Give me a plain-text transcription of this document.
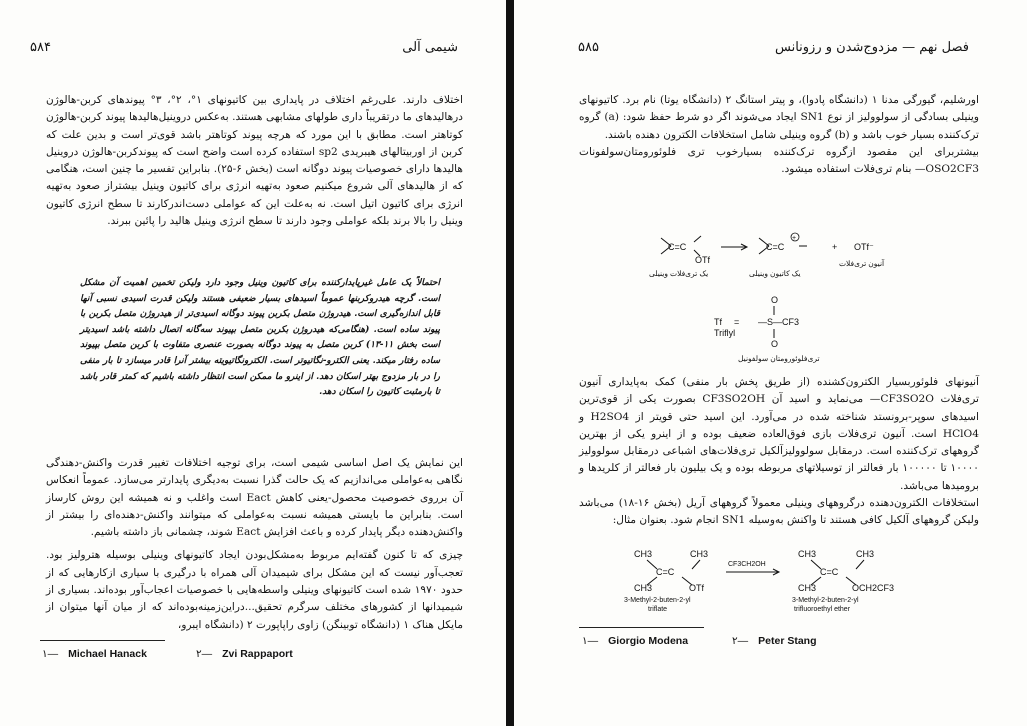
۵۸۴	شیمی آلی

اختلاف دارند. علی‌رغم اختلاف در پایداری بین کاتیونهای ۱°، ۲°، ۳° پیوندهای کربن-هالوژن درهالیدهای ما درتقریباً داری طولهای مشابهی هستند. به‌عکس دروینیل‌هالیدها پیوند کربن-هالوژن کوتاهتر است. مطابق با این مورد که هرچه پیوند کوتاهتر باشد قوی‌تر است و بدین علت که کربن از اوربیتالهای هیبریدی sp2 استفاده کرده است واضح است که پیوندکربن-هالوژن دروینیل هالیدها دارای خصوصیات پیوند دوگانه است (بخش ۶-۲۵). بنابراین تفسیر ما چنین است، هنگامی که از هالیدهای آلی شروع میکنیم صعود به‌تهیه انرژی برای کاتیون وینیل بیشتراز صعود به‌تهیه انرژی برای کاتیون اتیل است. نه به‌علت این که عواملی دست‌اندرکارند تا سطح انرژی کاتیون وینیل را بالا برند بلکه عواملی وجود دارند تا سطح انرژی وینیل هالید را پائین ببرند.

احتمالاً یک عامل غیرپایدارکننده برای کاتیون وینیل وجود دارد ولیکن تخمین اهمیت آن مشکل است. گرچه هیدروکربنها عموماً اسیدهای بسیار ضعیفی هستند ولیکن قدرت اسیدی نسبی آنها قابل اندازه‌گیری است. هیدروژن متصل بکربن پیوند دوگانه اسیدی‌تر از هیدروژن متصل بکربن با پیوند ساده است. (هنگامی‌که هیدروژن بکربن متصل بپیوند سه‌گانه اتصال داشته باشد اسیدیتر است بخش ۱۱-۱۳) کربن متصل به پیوند دوگانه بصورت عنصری متفاوت با کربن متصل بپیوند ساده رفتار میکند. یعنی الکترو-نگاتیوتر است. الکترونگاتیویته بیشتر آنرا قادر میسازد تا بار منفی را در بار مزدوج بهتر اسکان دهد. از اینرو ما ممکن است انتظار داشته باشیم که کمتر قادر باشد تا بارمثبت کاتیون را اسکان دهد.

این نمایش یک اصل اساسی شیمی است، برای توجیه اختلافات تغییر قدرت واکنش-دهندگی نگاهی به‌عواملی می‌اندازیم که یک حالت گذرا نسبت به‌دیگری پایدارتر می‌سازد. عموماً انعکاس آن برروی خصوصیت محصول-یعنی کاهش Eact است واغلب و نه همیشه این روش کارساز است. بنابراین ما بایستی همیشه نسبت به‌عواملی که میتوانند واکنش-دهنده‌ای را بیشتر از واکنش‌دهنده دیگر پایدار کرده و باعث افزایش Eact شوند، چشمانی باز داشته باشیم.

چیزی که تا کنون گفته‌ایم مربوط به‌مشکل‌بودن ایجاد کاتیونهای وینیلی بوسیله هترولیز بود. تعجب‌آور نیست که این مشکل برای شیمیدان آلی همراه با درگیری با سیاری ازکارهایی که از حدود ۱۹۷۰ شده است کاتیونهای وینیلی واسطه‌هایی با خصوصیات اعجاب‌آور بوده‌اند. بسیاری از شیمیدانها از کشورهای مختلف سرگرم تحقیق...دراین‌زمینه‌بوده‌اند که از میان آنها میتوان از مایکل هناک ۱ (دانشگاه توبینگن) زاوی راپاپورت ۲ (دانشگاه ایبرو،

۱— Michael Hanack	۲— Zvi Rappaport
۵۸۵	فصل نهم — مزدوج‌شدن و رزونانس

اورشلیم، گیورگی مدنا ۱ (دانشگاه پادوا)، و پیتر استانگ ۲ (دانشگاه یوتا) نام برد. کاتیونهای وینیلی بسادگی از سولوولیز از نوع SN1 ایجاد می‌شوند اگر دو شرط حفظ شود: (a) گروه ترک‌کننده بسیار خوب باشد و (b) گروه وینیلی شامل استخلافات الکترون دهنده باشند.

بیشتربرای این مقصود ازگروه ترک‌کننده بسیارخوب تری فلوئورومتان‌سولفونات OSO2CF3— بنام تری‌فلات استفاده میشود.

C=C
OTf
C=C
+
+ OTf⁻
یک تری‌فلات وینیلی	یک کاتیون وینیلی
آنیون تری‌فلات
Tf
Triflyl
=
O
—S—CF3
O
تری‌فلوئورومتان سولفونیل

آنیونهای فلوئوربسیار الکترون‌کشنده (از طریق پخش بار منفی) کمک به‌پایداری آنیون تری‌فلات CF3SO2O— می‌نماید و اسید آن CF3SO2OH بصورت یکی از قوی‌ترین اسیدهای سوپر-برونستد شناخته شده در می‌آورد. این اسید حتی قویتر از H2SO4 و HClO4 است. آنیون تری‌فلات بازی فوق‌العاده ضعیف بوده و از اینرو یکی از بهترین گروههای ترک‌کننده است. درمقابل سولوولیزآلکیل تری‌فلات‌های اشباعی درمقابل سولوولیز ۱۰۰۰۰ تا ۱۰۰۰۰۰ بار فعالتر از توسیلاتهای مربوطه بوده و یک بیلیون بار فعالتر از کلریدها و برومیدها می‌باشد.

استخلافات الکترون‌دهنده درگروههای وینیلی معمولاً گروههای آریل (بخش ۱۶-۱۸) می‌باشد ولیکن گروههای آلکیل کافی هستند تا واکنش به‌وسیله SN1 انجام شود. بعنوان مثال:

CH3	CH3
C=C
CH3	OTf
3-Methyl-2-buten-2-yl
triflate
CF3CH2OH
CH3	CH3
C=C
CH3	OCH2CF3
3-Methyl-2-buten-2-yl
trifluoroethyl ether
۱— Giorgio Modena	۲— Peter Stang
